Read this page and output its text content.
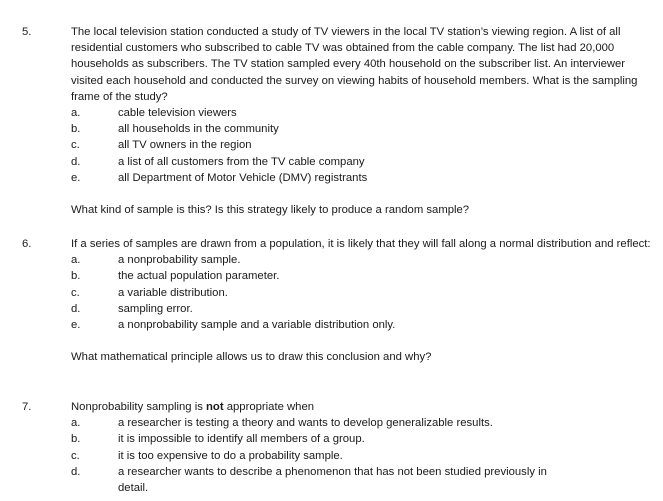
5.	The local television station conducted a study of TV viewers in the local TV station’s viewing region. A list of all residential customers who subscribed to cable TV was obtained from the cable company. The list had 20,000 households as subscribers. The TV station sampled every 40th household on the subscriber list. An interviewer visited each household and conducted the survey on viewing habits of household members. What is the sampling frame of the study?

a.	cable television viewers
b.	all households in the community
c.	all TV owners in the region
d.	a list of all customers from the TV cable company
e.	all Department of Motor Vehicle (DMV) registrants

What kind of sample is this? Is this strategy likely to produce a random sample?

6.	If a series of samples are drawn from a population, it is likely that they will fall along a normal distribution and reflect:

a.	a nonprobability sample.
b.	the actual population parameter.
c.	a variable distribution.
d.	sampling error.
e.	a nonprobability sample and a variable distribution only.

What mathematical principle allows us to draw this conclusion and why?

7.	Nonprobability sampling is not appropriate when

a.	a researcher is testing a theory and wants to develop generalizable results.
b.	it is impossible to identify all members of a group.
c.	it is too expensive to do a probability sample.
d.	a researcher wants to describe a phenomenon that has not been studied previously in detail.
